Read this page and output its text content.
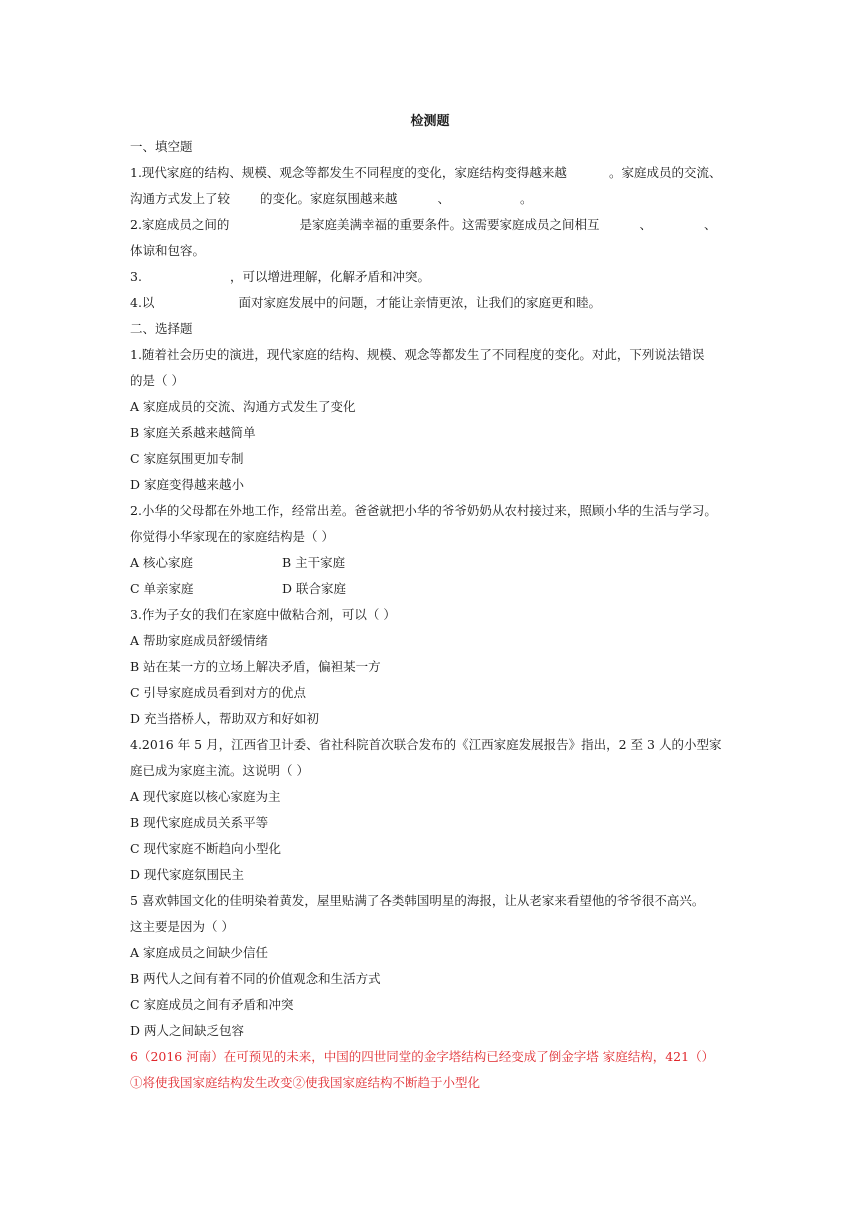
检测题
一、填空题
1.现代家庭的结构、规模、观念等都发生不同程度的变化，家庭结构变得越来越	。家庭成员的交流、
沟通方式发上了较 的变化。家庭氛围越来越	、	。
2.家庭成员之间的	是家庭美满幸福的重要条件。这需要家庭成员之间相互	、	、
体谅和包容。
3.	，可以增进理解，化解矛盾和冲突。
4.以	面对家庭发展中的问题，才能让亲情更浓，让我们的家庭更和睦。
二、选择题
1.随着社会历史的演进，现代家庭的结构、规模、观念等都发生了不同程度的变化。对此，下列说法错误
的是（ ）
A 家庭成员的交流、沟通方式发生了变化
B 家庭关系越来越简单
C 家庭氛围更加专制
D 家庭变得越来越小
2.小华的父母都在外地工作，经常出差。爸爸就把小华的爷爷奶奶从农村接过来，照顾小华的生活与学习。
你觉得小华家现在的家庭结构是（ ）
A 核心家庭	B 主干家庭
C 单亲家庭	D 联合家庭
3.作为子女的我们在家庭中做粘合剂，可以（ ）
A 帮助家庭成员舒缓情绪
B 站在某一方的立场上解决矛盾，偏袒某一方
C 引导家庭成员看到对方的优点
D 充当搭桥人，帮助双方和好如初
4.2016 年 5 月，江西省卫计委、省社科院首次联合发布的《江西家庭发展报告》指出，2 至 3 人的小型家
庭已成为家庭主流。这说明（ ）
A 现代家庭以核心家庭为主
B 现代家庭成员关系平等
C 现代家庭不断趋向小型化
D 现代家庭氛围民主
5 喜欢韩国文化的佳明染着黄发，屋里贴满了各类韩国明星的海报，让从老家来看望他的爷爷很不高兴。
这主要是因为（ ）
A 家庭成员之间缺少信任
B 两代人之间有着不同的价值观念和生活方式
C 家庭成员之间有矛盾和冲突
D 两人之间缺乏包容
6（2016 河南）在可预见的未来，中国的四世同堂的金字塔结构已经变成了倒金字塔 家庭结构，421（）
①将使我国家庭结构发生改变②使我国家庭结构不断趋于小型化
